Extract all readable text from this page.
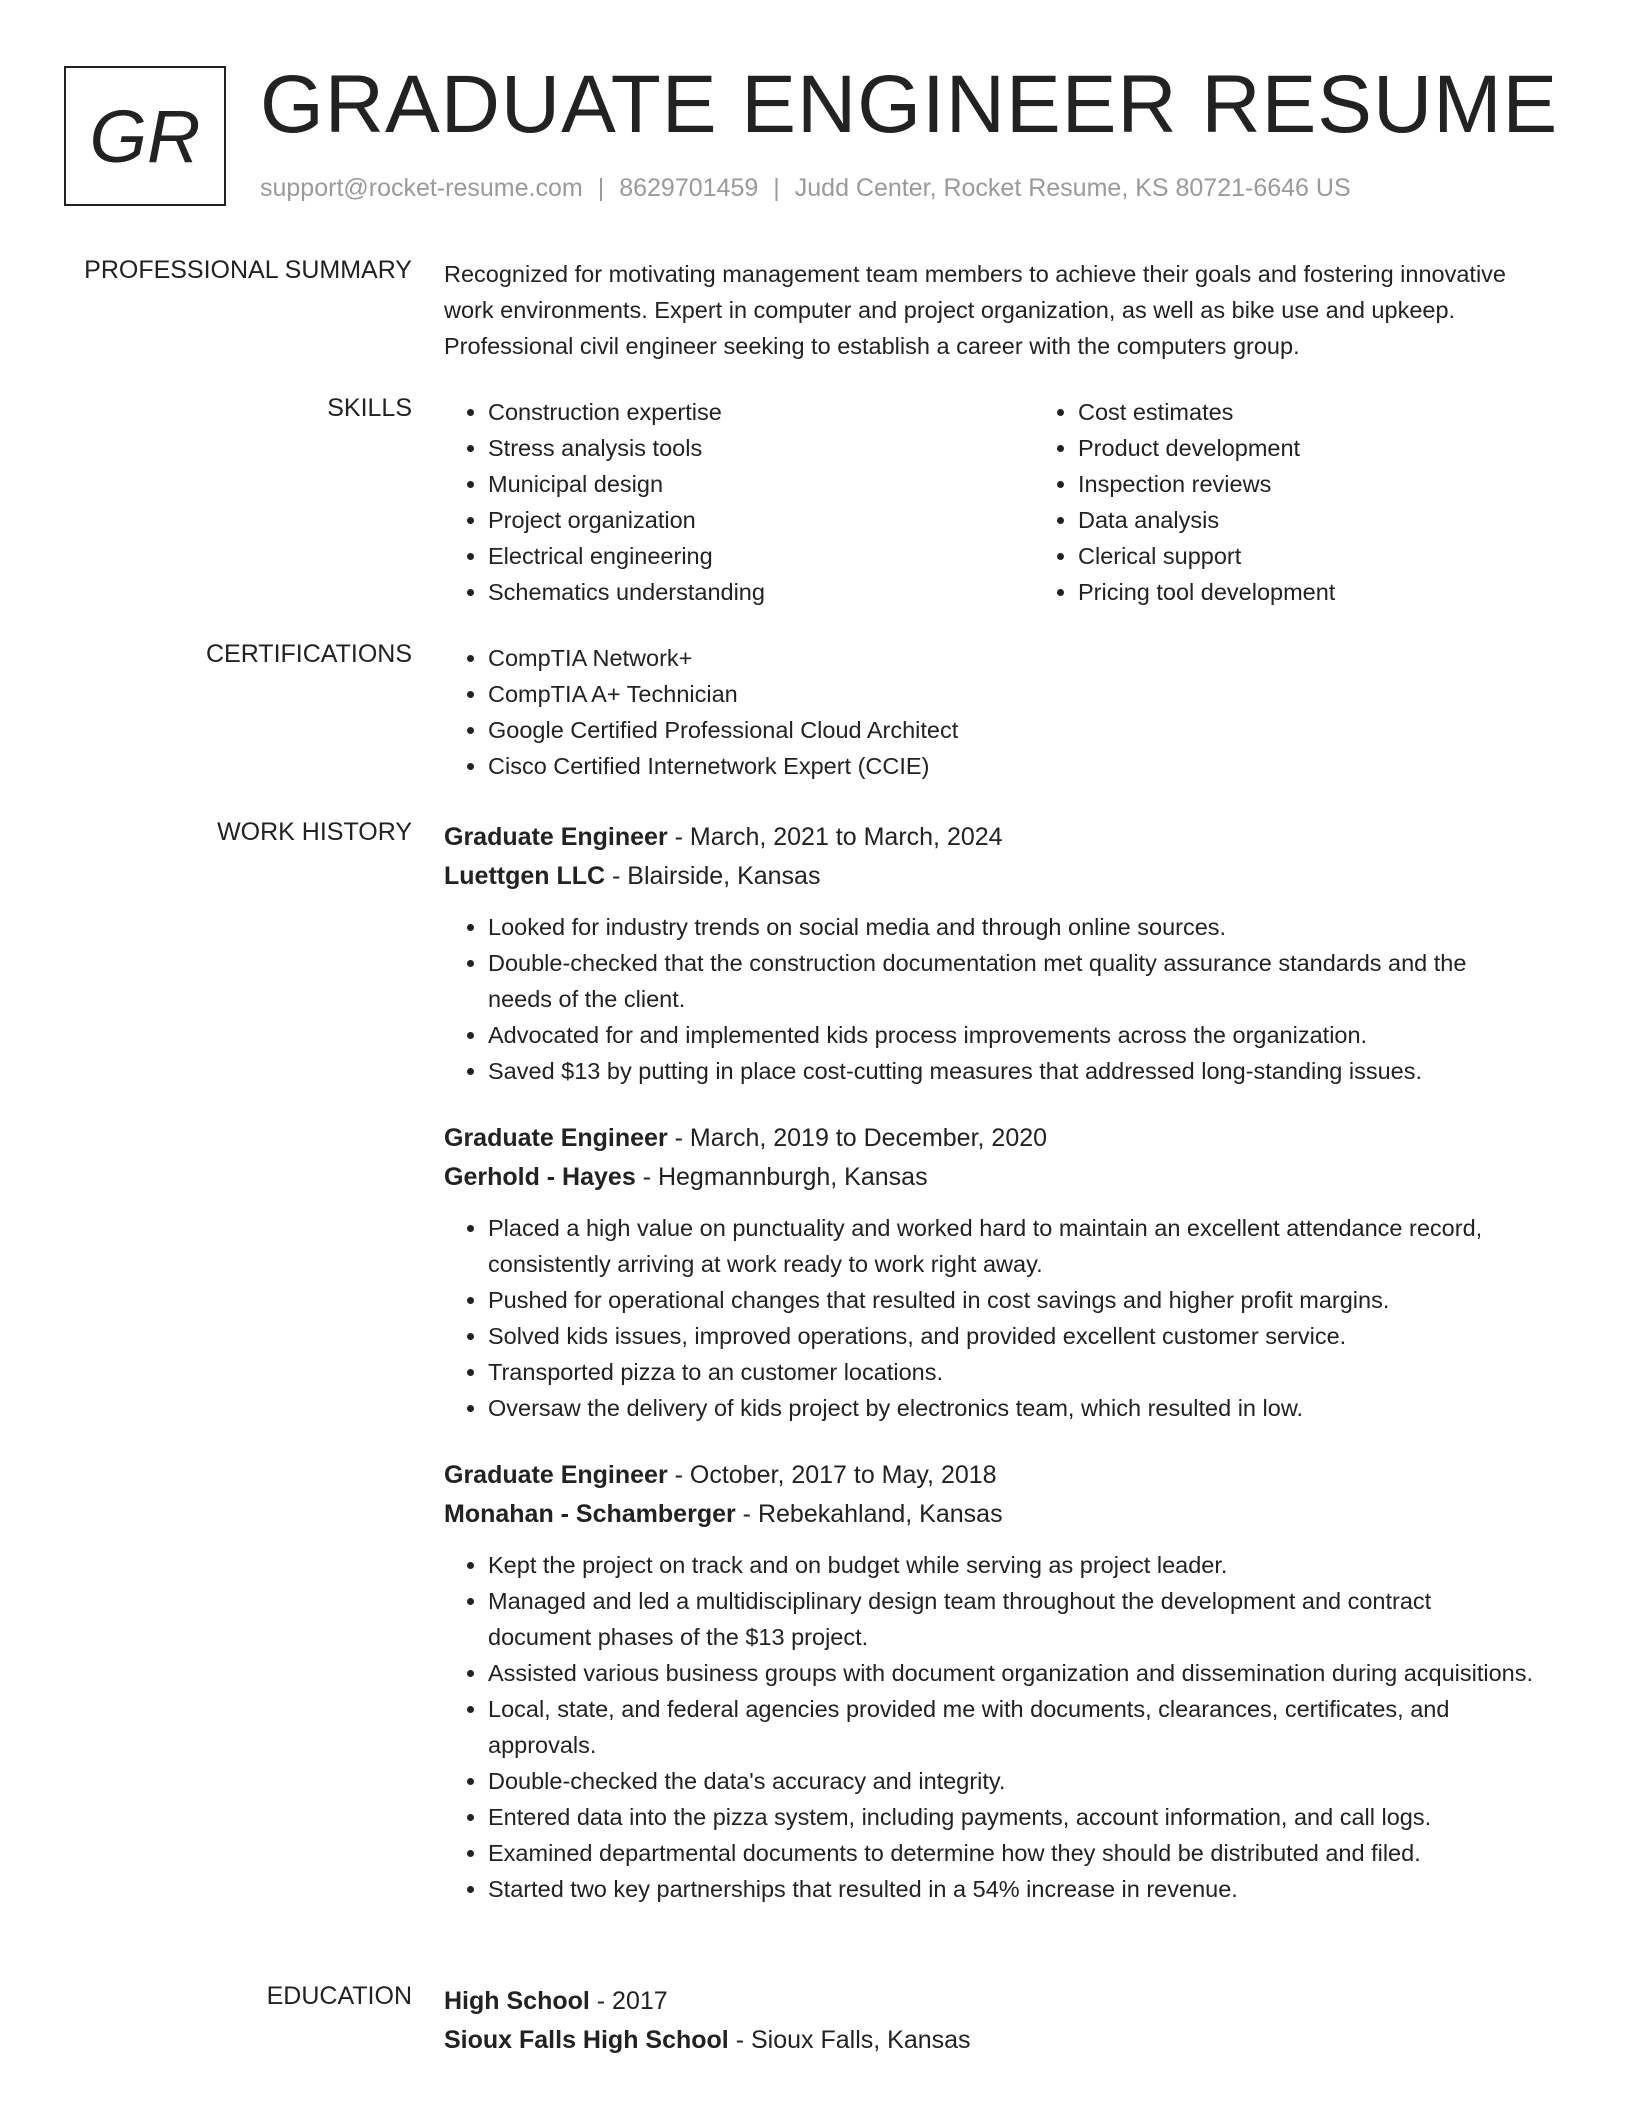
GR GRADUATE ENGINEER RESUME
support@rocket-resume.com | 8629701459 | Judd Center, Rocket Resume, KS 80721-6646 US
PROFESSIONAL SUMMARY Recognized for motivating management team members to achieve their goals and fostering innovative work environments. Expert in computer and project organization, as well as bike use and upkeep. Professional civil engineer seeking to establish a career with the computers group.

SKILLS	• Construction expertise
• Stress analysis tools
• Municipal design
• Project organization
• Electrical engineering
• Schematics understanding
• Cost estimates
• Product development
• Inspection reviews
• Data analysis
• Clerical support
• Pricing tool development
CERTIFICATIONS	• CompTIA Network+
• CompTIA A+ Technician
• Google Certified Professional Cloud Architect
• Cisco Certified Internetwork Expert (CCIE)
WORK HISTORY Graduate Engineer - March, 2021 to March, 2024
Luettgen LLC - Blairside, Kansas
• Looked for industry trends on social media and through online sources.
• Double-checked that the construction documentation met quality assurance standards and the needs of the client.
• Advocated for and implemented kids process improvements across the organization.
• Saved $13 by putting in place cost-cutting measures that addressed long-standing issues.
Graduate Engineer - March, 2019 to December, 2020
Gerhold - Hayes - Hegmannburgh, Kansas
• Placed a high value on punctuality and worked hard to maintain an excellent attendance record, consistently arriving at work ready to work right away.
• Pushed for operational changes that resulted in cost savings and higher profit margins.
• Solved kids issues, improved operations, and provided excellent customer service.
• Transported pizza to an customer locations.
• Oversaw the delivery of kids project by electronics team, which resulted in low.
Graduate Engineer - October, 2017 to May, 2018
Monahan - Schamberger - Rebekahland, Kansas
• Kept the project on track and on budget while serving as project leader.
• Managed and led a multidisciplinary design team throughout the development and contract document phases of the $13 project.
• Assisted various business groups with document organization and dissemination during acquisitions.
• Local, state, and federal agencies provided me with documents, clearances, certificates, and approvals.
• Double-checked the data's accuracy and integrity.
• Entered data into the pizza system, including payments, account information, and call logs.
• Examined departmental documents to determine how they should be distributed and filed.
• Started two key partnerships that resulted in a 54% increase in revenue.
EDUCATION High School - 2017
Sioux Falls High School - Sioux Falls, Kansas
